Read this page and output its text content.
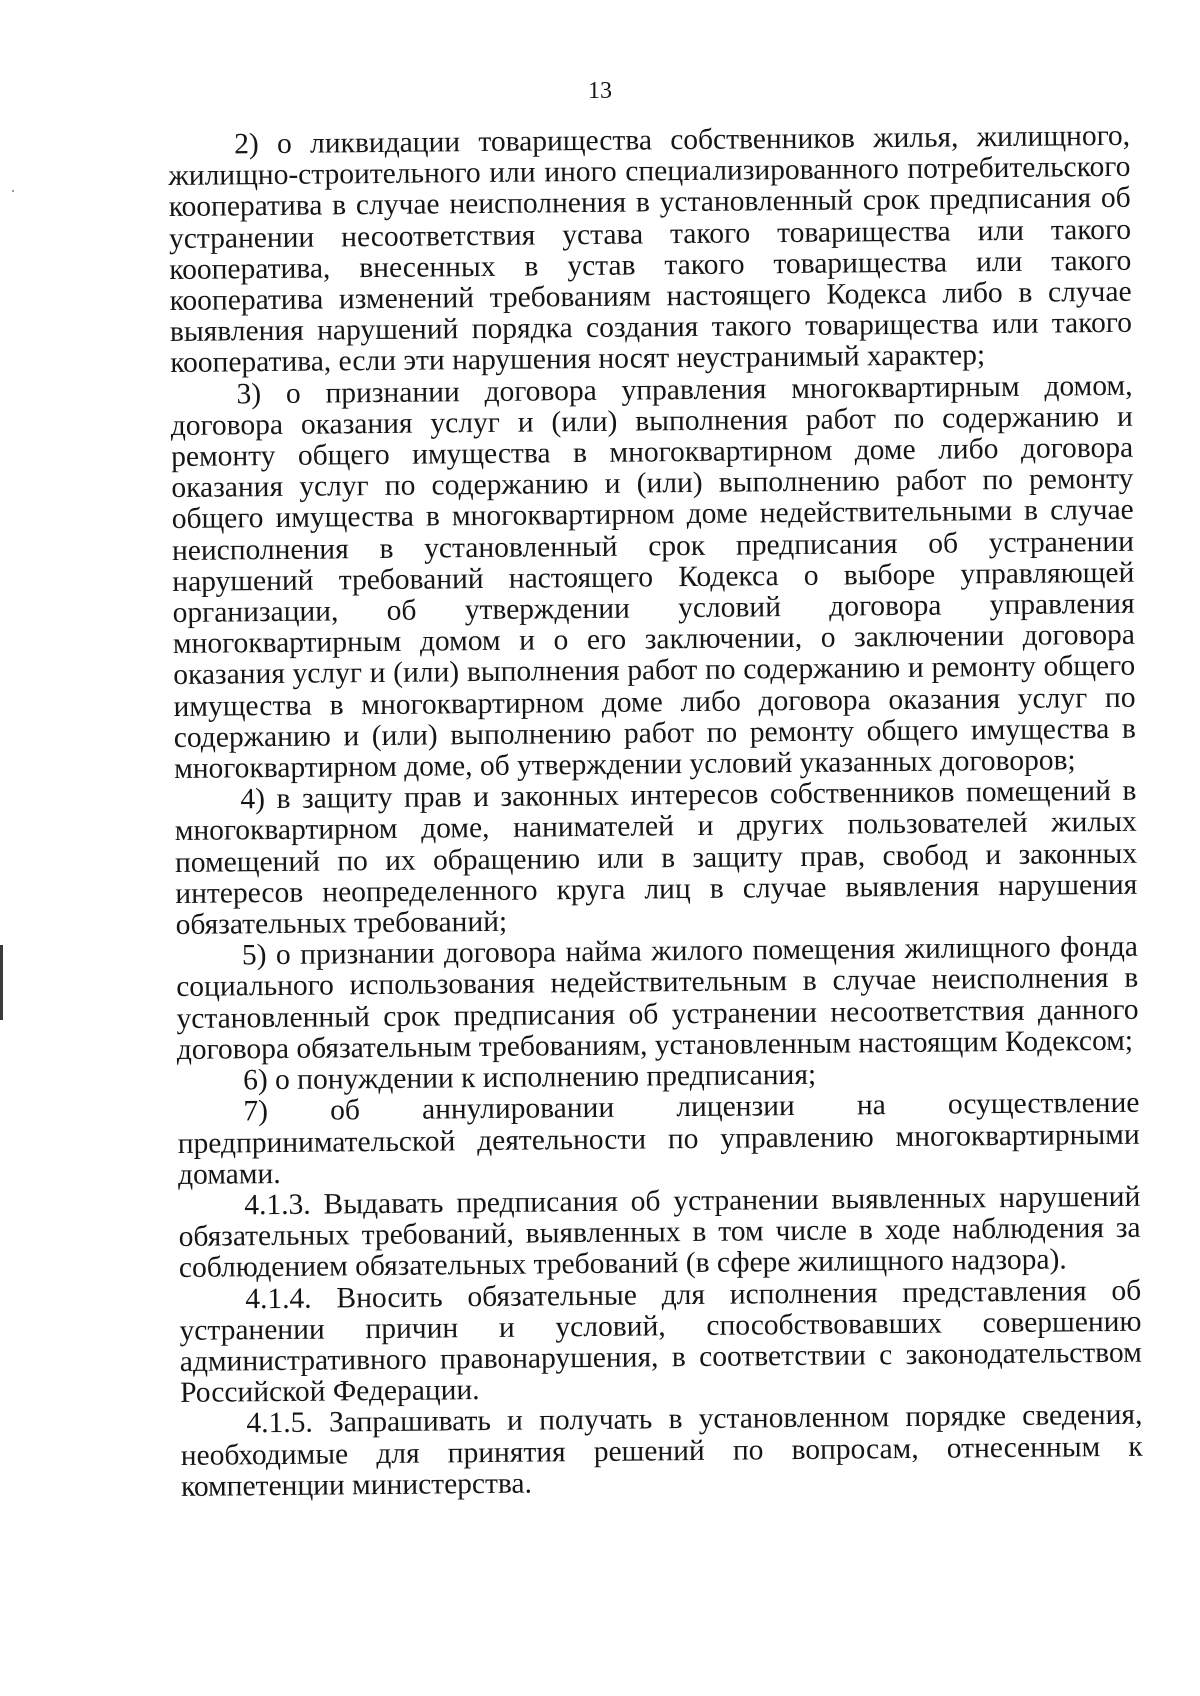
13

2) о ликвидации товарищества собственников жилья, жилищного, жилищно-строительного или иного специализированного потребительского кооператива в случае неисполнения в установленный срок предписания об устранении несоответствия устава такого товарищества или такого кооператива, внесенных в устав такого товарищества или такого кооператива изменений требованиям настоящего Кодекса либо в случае выявления нарушений порядка создания такого товарищества или такого кооператива, если эти нарушения носят неустранимый характер;

3) о признании договора управления многоквартирным домом, договора оказания услуг и (или) выполнения работ по содержанию и ремонту общего имущества в многоквартирном доме либо договора оказания услуг по содержанию и (или) выполнению работ по ремонту общего имущества в многоквартирном доме недействительными в случае неисполнения в установленный срок предписания об устранении нарушений требований настоящего Кодекса о выборе управляющей организации, об утверждении условий договора управления многоквартирным домом и о его заключении, о заключении договора оказания услуг и (или) выполнения работ по содержанию и ремонту общего имущества в многоквартирном доме либо договора оказания услуг по содержанию и (или) выполнению работ по ремонту общего имущества в многоквартирном доме, об утверждении условий указанных договоров;

4) в защиту прав и законных интересов собственников помещений в многоквартирном доме, нанимателей и других пользователей жилых помещений по их обращению или в защиту прав, свобод и законных интересов неопределенного круга лиц в случае выявления нарушения обязательных требований;

5) о признании договора найма жилого помещения жилищного фонда социального использования недействительным в случае неисполнения в установленный срок предписания об устранении несоответствия данного договора обязательным требованиям, установленным настоящим Кодексом;

6) о понуждении к исполнению предписания;

7) об аннулировании лицензии на осуществление предпринимательской деятельности по управлению многоквартирными домами.

4.1.3. Выдавать предписания об устранении выявленных нарушений обязательных требований, выявленных в том числе в ходе наблюдения за соблюдением обязательных требований (в сфере жилищного надзора).

4.1.4. Вносить обязательные для исполнения представления об устранении причин и условий, способствовавших совершению административного правонарушения, в соответствии с законодательством Российской Федерации.

4.1.5. Запрашивать и получать в установленном порядке сведения, необходимые для принятия решений по вопросам, отнесенным к компетенции министерства.
